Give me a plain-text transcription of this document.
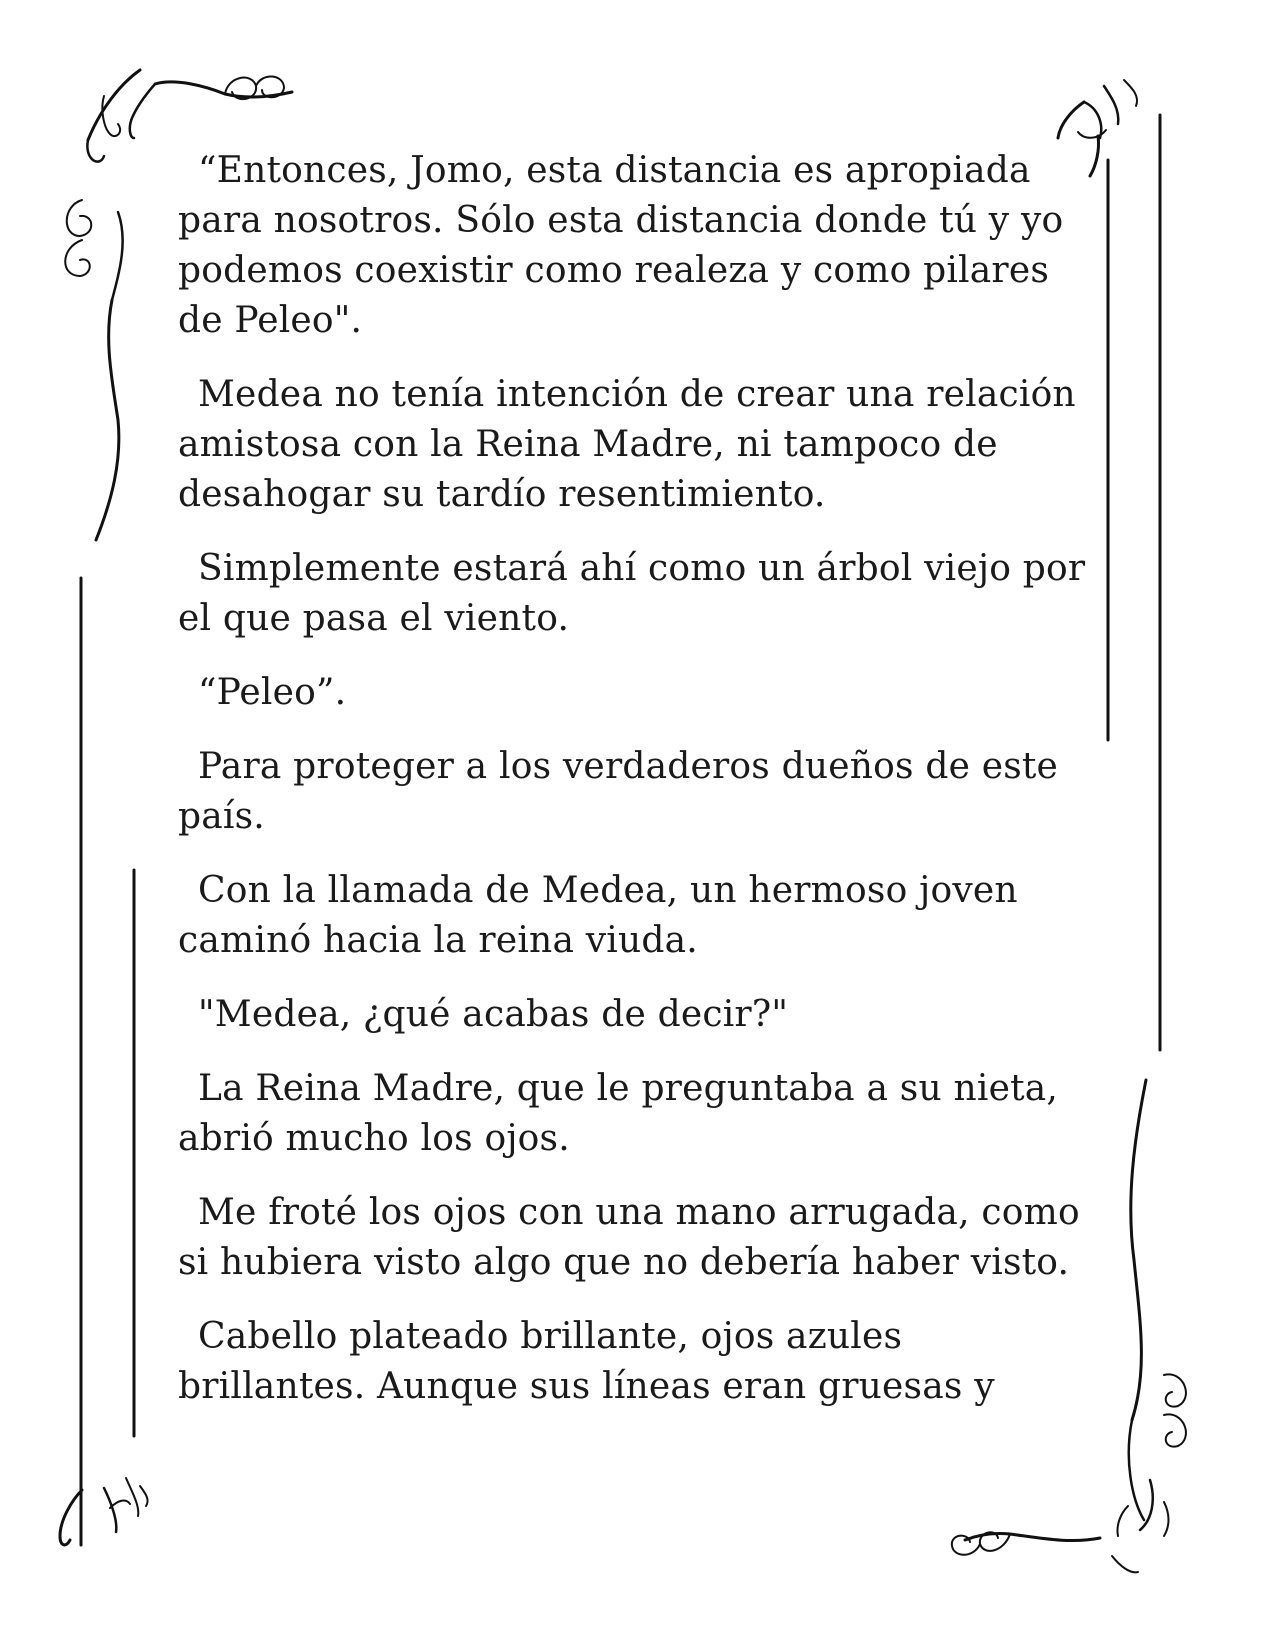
“Entonces, Jomo, esta distancia es apropiada para nosotros. Sólo esta distancia donde tú y yo podemos coexistir como realeza y como pilares de Peleo".

Medea no tenía intención de crear una relación amistosa con la Reina Madre, ni tampoco de desahogar su tardío resentimiento.

Simplemente estará ahí como un árbol viejo por el que pasa el viento.

“Peleo”.

Para proteger a los verdaderos dueños de este país.

Con la llamada de Medea, un hermoso joven caminó hacia la reina viuda.

"Medea, ¿qué acabas de decir?"

La Reina Madre, que le preguntaba a su nieta, abrió mucho los ojos.

Me froté los ojos con una mano arrugada, como si hubiera visto algo que no debería haber visto.

Cabello plateado brillante, ojos azules brillantes. Aunque sus líneas eran gruesas y
